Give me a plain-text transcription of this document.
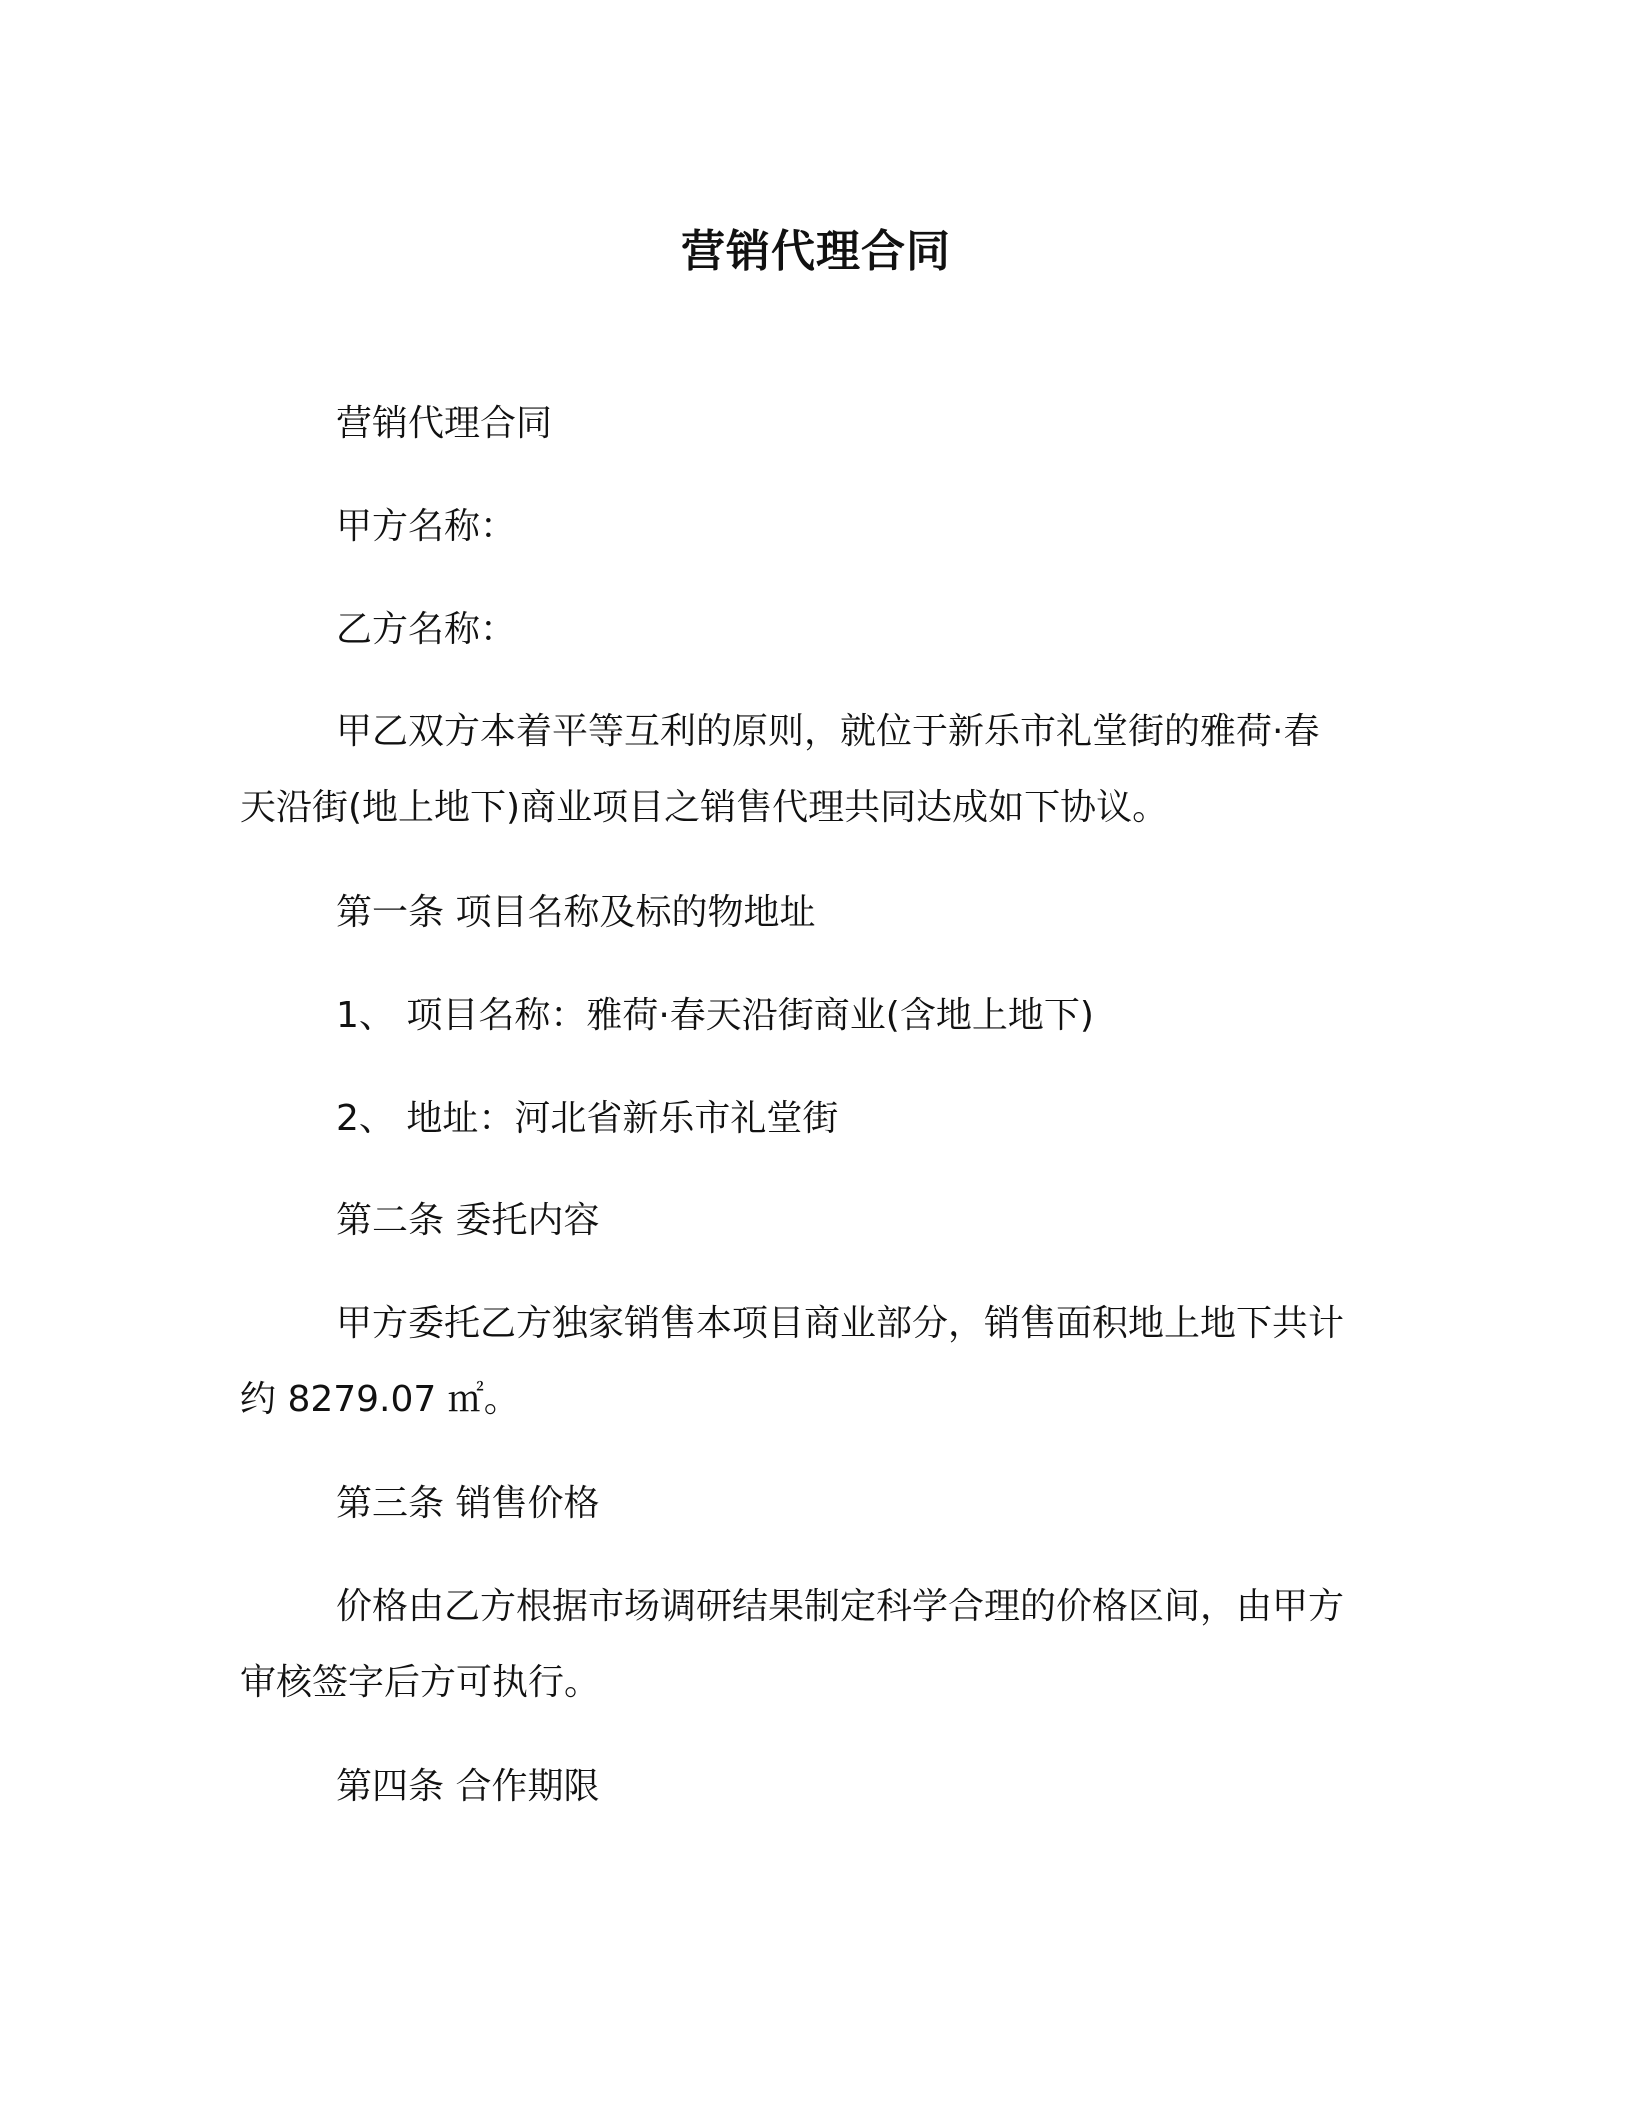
营销代理合同
营销代理合同
甲方名称：
乙方名称：
甲乙双方本着平等互利的原则，就位于新乐市礼堂街的雅荷·春
天沿街(地上地下)商业项目之销售代理共同达成如下协议。
第一条 项目名称及标的物地址
1、 项目名称：雅荷·春天沿街商业(含地上地下)
2、 地址：河北省新乐市礼堂街
第二条 委托内容
甲方委托乙方独家销售本项目商业部分，销售面积地上地下共计
约 8279.07 ㎡。
第三条 销售价格
价格由乙方根据市场调研结果制定科学合理的价格区间，由甲方
审核签字后方可执行。
第四条 合作期限
